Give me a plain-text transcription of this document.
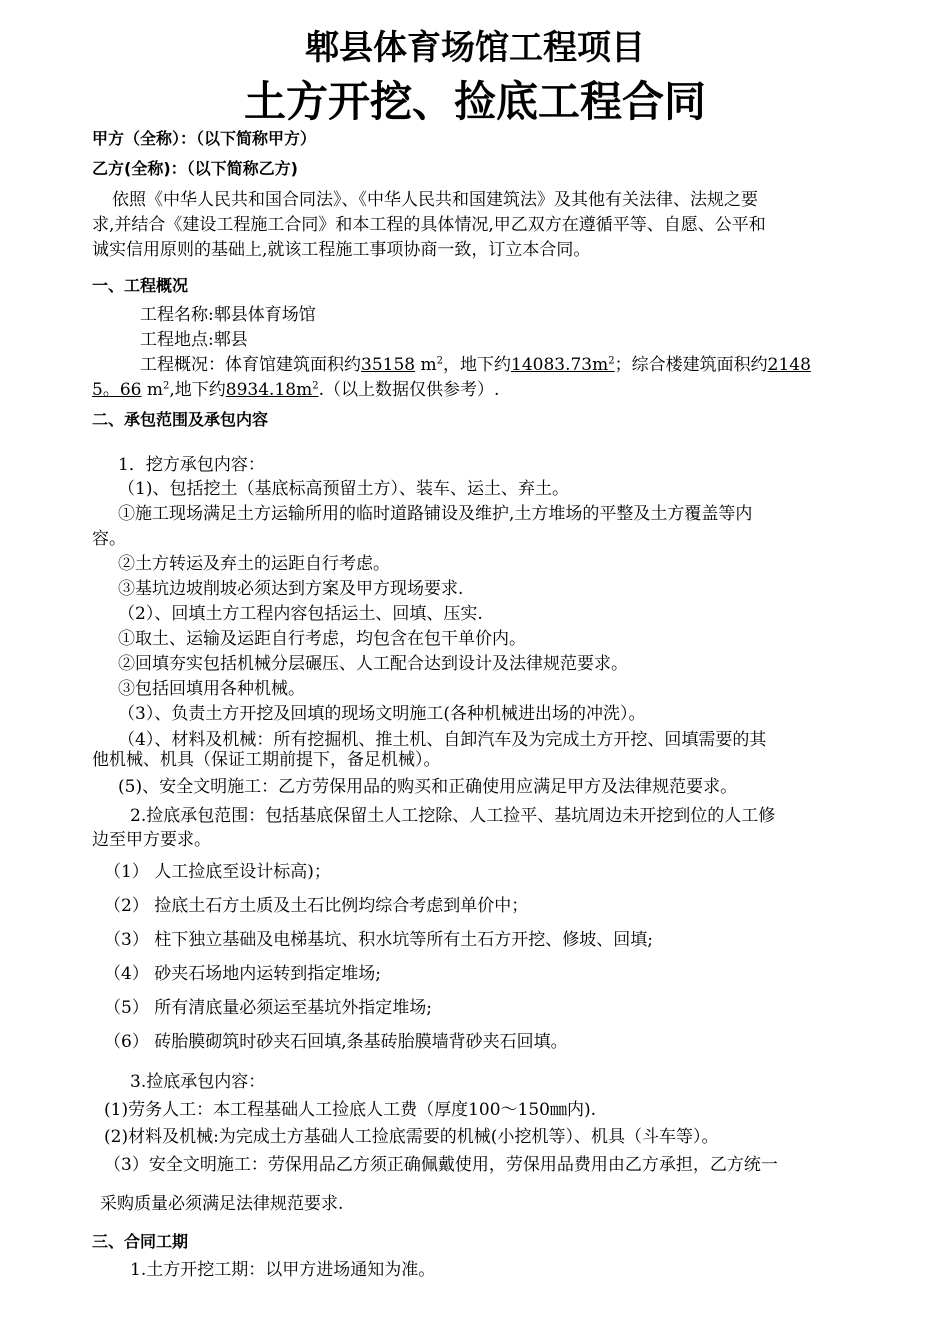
郫县体育场馆工程项目
土方开挖、捡底工程合同
甲方（全称）：（以下简称甲方）
乙方(全称)：（以下简称乙方)
依照《中华人民共和国合同法》、《中华人民共和国建筑法》及其他有关法律、法规之要
求,并结合《建设工程施工合同》和本工程的具体情况,甲乙双方在遵循平等、自愿、公平和
诚实信用原则的基础上,就该工程施工事项协商一致，订立本合同。
一、工程概况
工程名称:郫县体育场馆
工程地点:郫县
工程概况：体育馆建筑面积约35158 $m^2$，地下约$14083.73m^2$；综合楼建筑面积约2148
5。66 $m^2$,地下约$8934.18m^2$.（以上数据仅供参考）.
二、承包范围及承包内容
1．挖方承包内容：
（1)、包括挖土（基底标高预留土方）、装车、运土、弃土。
①施工现场满足土方运输所用的临时道路铺设及维护,土方堆场的平整及土方覆盖等内
容。
②土方转运及弃土的运距自行考虑。
③基坑边坡削坡必须达到方案及甲方现场要求.
（2）、回填土方工程内容包括运土、回填、压实.
①取土、运输及运距自行考虑，均包含在包干单价内。
②回填夯实包括机械分层碾压、人工配合达到设计及法律规范要求。
③包括回填用各种机械。
（3）、负责土方开挖及回填的现场文明施工(各种机械进出场的冲洗）。
（4）、材料及机械：所有挖掘机、推土机、自卸汽车及为完成土方开挖、回填需要的其
他机械、机具（保证工期前提下，备足机械）。
(5)、安全文明施工：乙方劳保用品的购买和正确使用应满足甲方及法律规范要求。
2.捡底承包范围：包括基底保留土人工挖除、人工捡平、基坑周边未开挖到位的人工修
边至甲方要求。
（1） 人工捡底至设计标高)；
（2） 捡底土石方土质及土石比例均综合考虑到单价中；
（3） 柱下独立基础及电梯基坑、积水坑等所有土石方开挖、修坡、回填;
（4） 砂夹石场地内运转到指定堆场;
（5） 所有清底量必须运至基坑外指定堆场;
（6） 砖胎膜砌筑时砂夹石回填,条基砖胎膜墙背砂夹石回填。
3.捡底承包内容：
(1)劳务人工：本工程基础人工捡底人工费（厚度100～150㎜内).
(2)材料及机械:为完成土方基础人工捡底需要的机械(小挖机等）、机具（斗车等）。
（3）安全文明施工：劳保用品乙方须正确佩戴使用，劳保用品费用由乙方承担，乙方统一
采购质量必须满足法律规范要求.
三、合同工期
1.土方开挖工期：以甲方进场通知为准。
